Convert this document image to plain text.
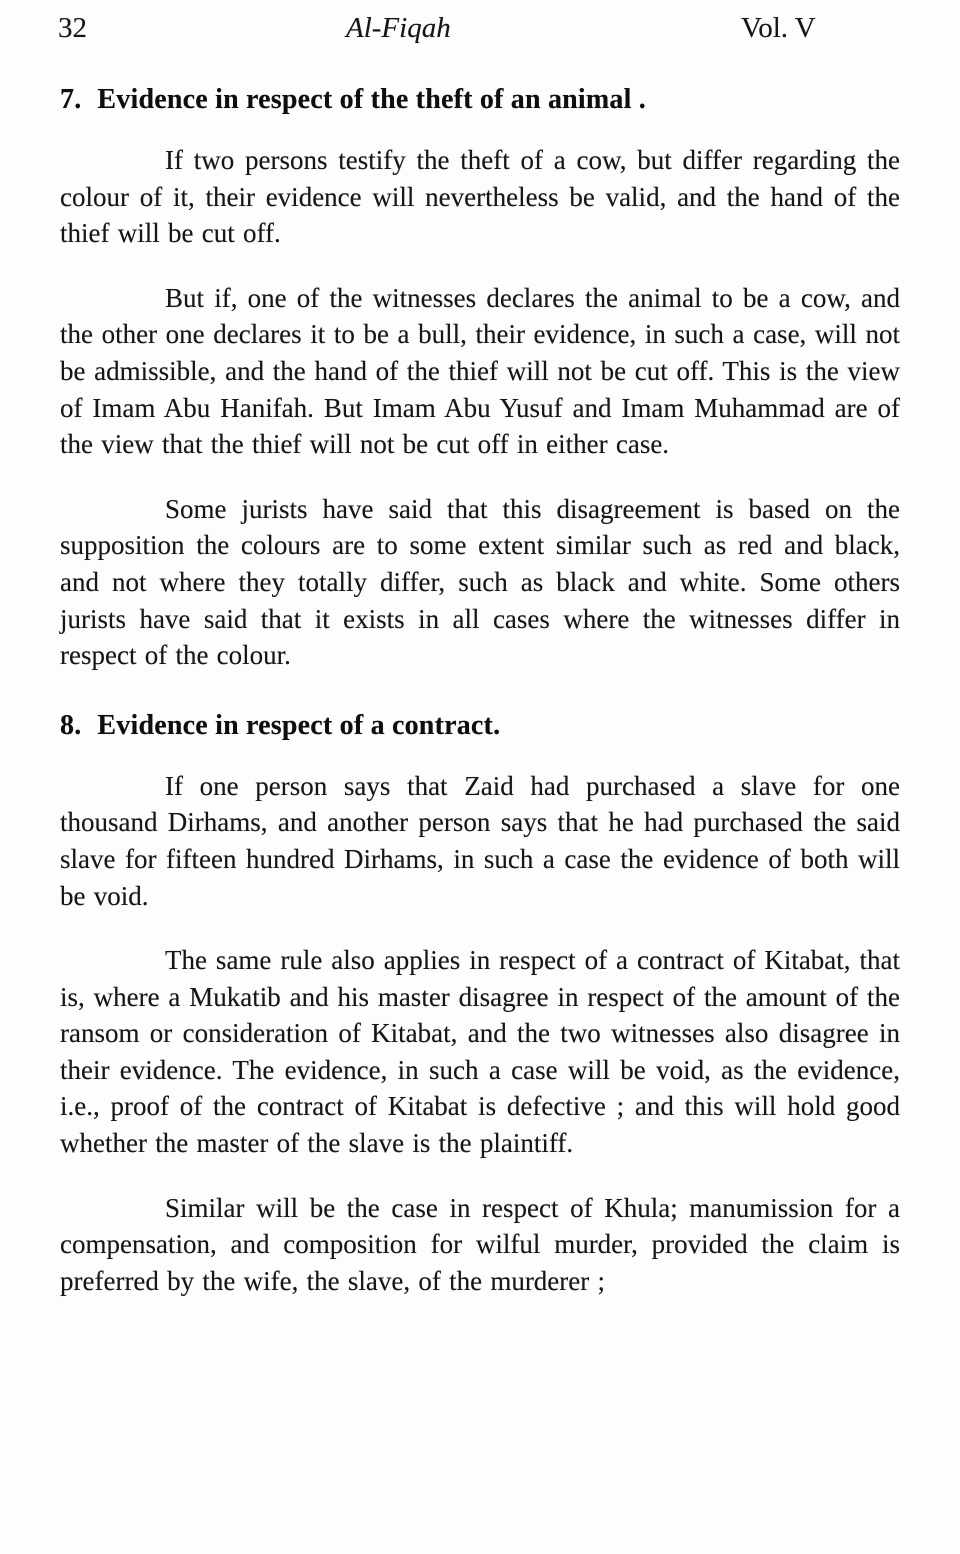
32	Al-Fiqah	Vol. V
7. Evidence in respect of the theft of an animal .

If two persons testify the theft of a cow, but differ regarding the colour of it, their evidence will nevertheless be valid, and the hand of the thief will be cut off.

But if, one of the witnesses declares the animal to be a cow, and the other one declares it to be a bull, their evidence, in such a case, will not be admissible, and the hand of the thief will not be cut off. This is the view of Imam Abu Hanifah. But Imam Abu Yusuf and Imam Muhammad are of the view that the thief will not be cut off in either case.

Some jurists have said that this disagreement is based on the supposition the colours are to some extent similar such as red and black, and not where they totally differ, such as black and white. Some others jurists have said that it exists in all cases where the witnesses differ in respect of the colour.

8. Evidence in respect of a contract.

If one person says that Zaid had purchased a slave for one thousand Dirhams, and another person says that he had purchased the said slave for fifteen hundred Dirhams, in such a case the evidence of both will be void.

The same rule also applies in respect of a contract of Kitabat, that is, where a Mukatib and his master disagree in respect of the amount of the ransom or consideration of Kitabat, and the two witnesses also disagree in their evidence. The evidence, in such a case will be void, as the evidence, i.e., proof of the contract of Kitabat is defective ; and this will hold good whether the master of the slave is the plaintiff.

Similar will be the case in respect of Khula; manumission for a compensation, and composition for wilful murder, provided the claim is preferred by the wife, the slave, of the murderer ;
